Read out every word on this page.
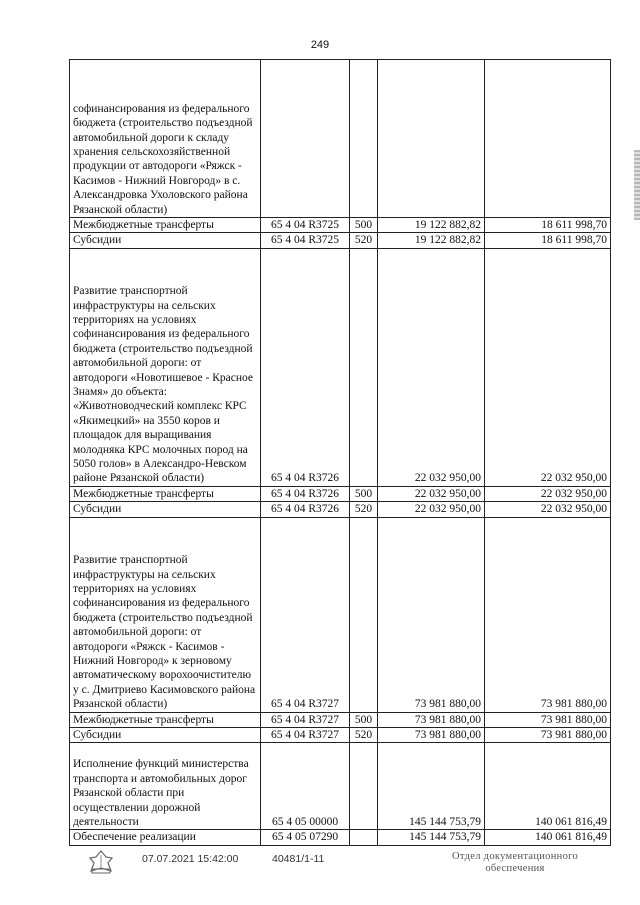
249
софинансирования из федерального бюджета (строительство подъездной автомобильной дороги к складу хранения сельскохозяйственной продукции от автодороги «Ряжск - Касимов - Нижний Новгород» в с. Александровка Ухоловского района Рязанской области)				
Межбюджетные трансферты	65 4 04 R3725	500	19 122 882,82	18 611 998,70
Субсидии	65 4 04 R3725	520	19 122 882,82	18 611 998,70
Развитие транспортной инфраструктуры на сельских территориях на условиях софинансирования из федерального бюджета (строительство подъездной автомобильной дороги: от автодороги «Новотишевое - Красное Знамя» до объекта: «Животноводческий комплекс КРС «Якимецкий» на 3550 коров и площадок для выращивания молодняка КРС молочных пород на 5050 голов» в Александро-Невском районе Рязанской области)	65 4 04 R3726		22 032 950,00	22 032 950,00
Межбюджетные трансферты	65 4 04 R3726	500	22 032 950,00	22 032 950,00
Субсидии	65 4 04 R3726	520	22 032 950,00	22 032 950,00
Развитие транспортной инфраструктуры на сельских территориях на условиях софинансирования из федерального бюджета (строительство подъездной автомобильной дороги: от автодороги «Ряжск - Касимов - Нижний Новгород» к зерновому автоматическому ворохоочистителю у с. Дмитриево Касимовского района Рязанской области)	65 4 04 R3727		73 981 880,00	73 981 880,00
Межбюджетные трансферты	65 4 04 R3727	500	73 981 880,00	73 981 880,00
Субсидии	65 4 04 R3727	520	73 981 880,00	73 981 880,00
Исполнение функций министерства транспорта и автомобильных дорог Рязанской области при осуществлении дорожной деятельности	65 4 05 00000		145 144 753,79	140 061 816,49
Обеспечение реализации	65 4 05 07290		145 144 753,79	140 061 816,49
07.07.2021 15:42:00	40481/1-11	Отдел документационного обеспечения
